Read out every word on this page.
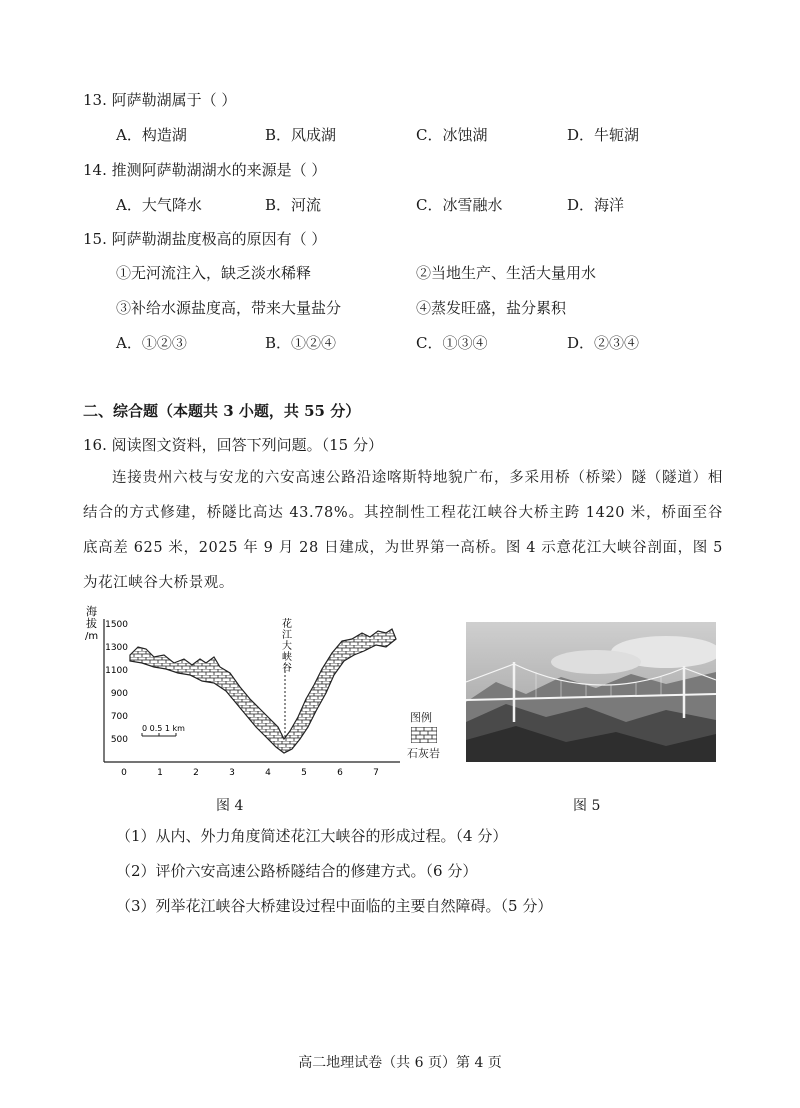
13. 阿萨勒湖属于（ ）
A．构造湖	B．风成湖	C．冰蚀湖	D．牛轭湖
14. 推测阿萨勒湖湖水的来源是（ ）
A．大气降水	B．河流	C．冰雪融水	D．海洋
15. 阿萨勒湖盐度极高的原因有（ ）
①无河流注入，缺乏淡水稀释	②当地生产、生活大量用水
③补给水源盐度高，带来大量盐分	④蒸发旺盛，盐分累积
A．①②③	B．①②④	C．①③④	D．②③④
二、综合题（本题共 3 小题，共 55 分）
16. 阅读图文资料，回答下列问题。（15 分）
连接贵州六枝与安龙的六安高速公路沿途喀斯特地貌广布，多采用桥（桥梁）隧（隧道）相结合的方式修建，桥隧比高达 43.78%。其控制性工程花江峡谷大桥主跨 1420 米，桥面至谷底高差 625 米，2025 年 9 月 28 日建成，为世界第一高桥。图 4 示意花江大峡谷剖面，图 5 为花江峡谷大桥景观。
海
拔
/m
1500
1300
1100
900
700
500
0	1	2	3	4	5	6	7
花
江
大
峡
谷
0 0.5 1 km
图例
石灰岩
图 4	图 5
（1）从内、外力角度简述花江大峡谷的形成过程。（4 分）
（2）评价六安高速公路桥隧结合的修建方式。（6 分）
（3）列举花江峡谷大桥建设过程中面临的主要自然障碍。（5 分）
高二地理试卷（共 6 页）第 4 页
